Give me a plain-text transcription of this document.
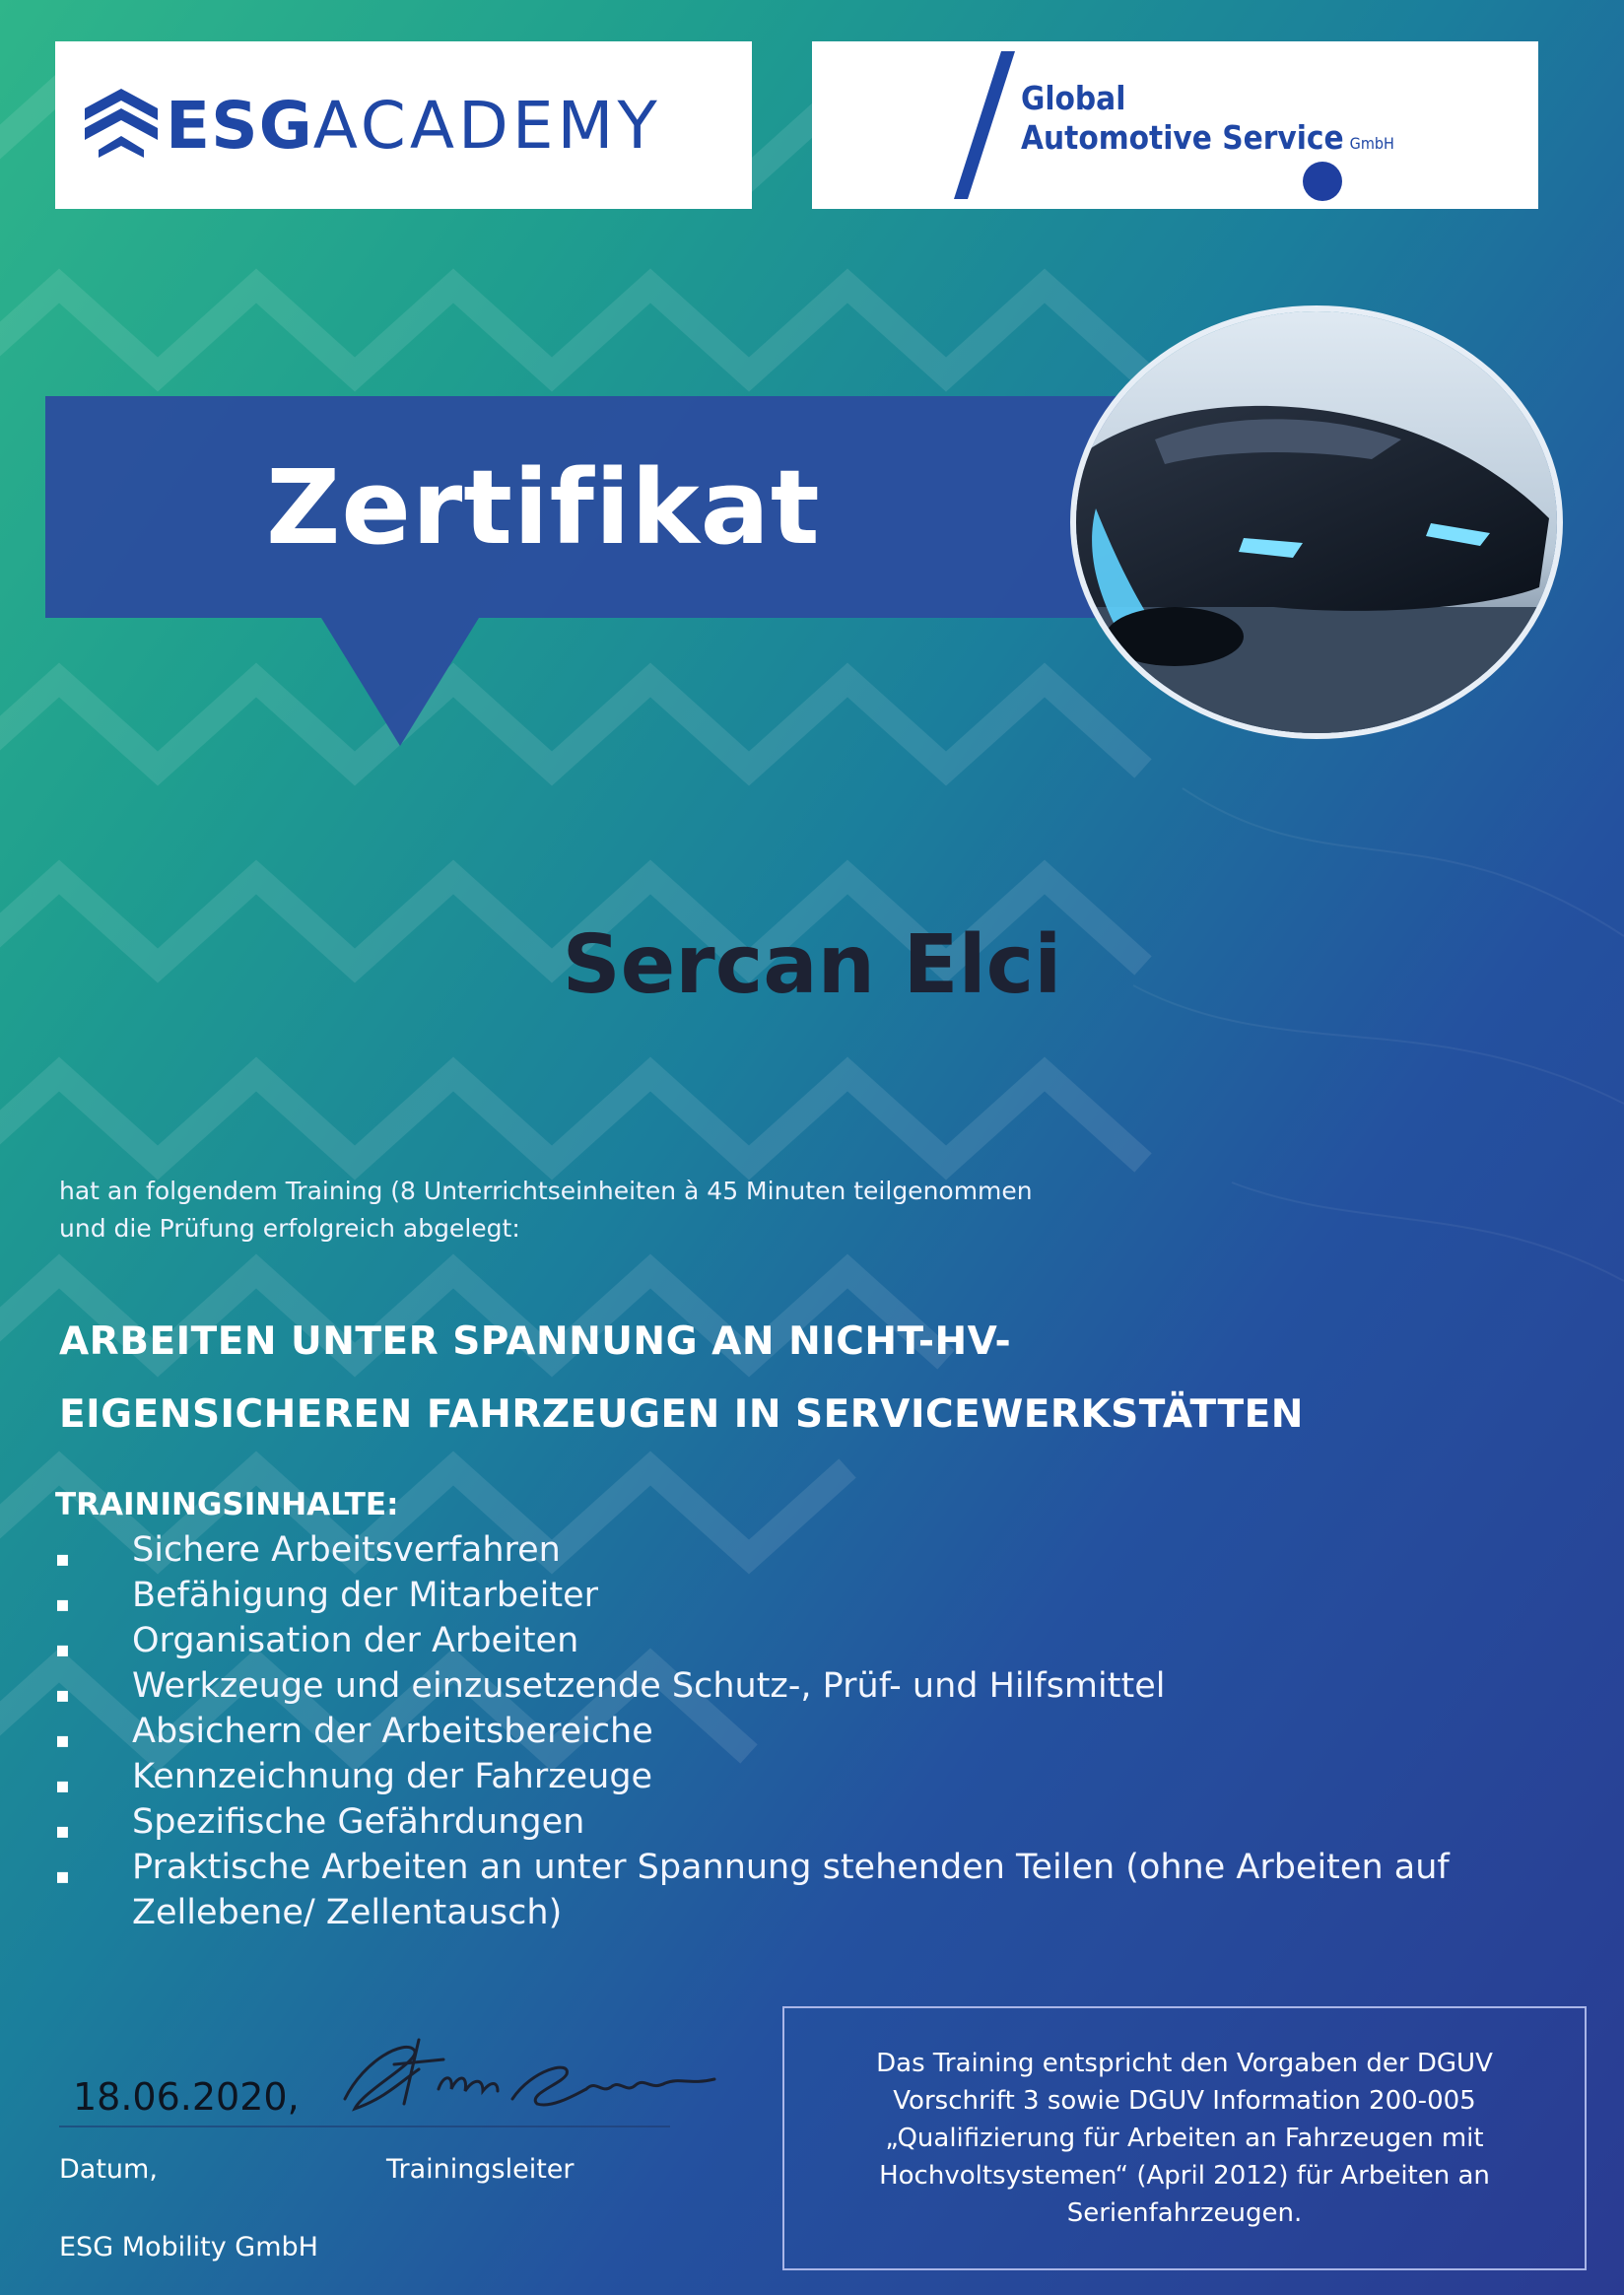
ESGACADEMY	Global
Automotive Service GmbH
Zertifikat
Sercan Elci
hat an folgendem Training (8 Unterrichtseinheiten à 45 Minuten teilgenommen
und die Prüfung erfolgreich abgelegt:
ARBEITEN UNTER SPANNUNG AN NICHT-HV-
EIGENSICHEREN FAHRZEUGEN IN SERVICEWERKSTÄTTEN
TRAININGSINHALTE:
▪ Sichere Arbeitsverfahren
▪ Befähigung der Mitarbeiter
▪ Organisation der Arbeiten
▪ Werkzeuge und einzusetzende Schutz-, Prüf- und Hilfsmittel
▪ Absichern der Arbeitsbereiche
▪ Kennzeichnung der Fahrzeuge
▪ Spezifische Gefährdungen
▪ Praktische Arbeiten an unter Spannung stehenden Teilen (ohne Arbeiten auf Zellebene/ Zellentausch)
18.06.2020,
Datum,	Trainingsleiter
ESG Mobility GmbH
Das Training entspricht den Vorgaben der DGUV Vorschrift 3 sowie DGUV Information 200-005 „Qualifizierung für Arbeiten an Fahrzeugen mit Hochvoltsystemen“ (April 2012) für Arbeiten an Serienfahrzeugen.
